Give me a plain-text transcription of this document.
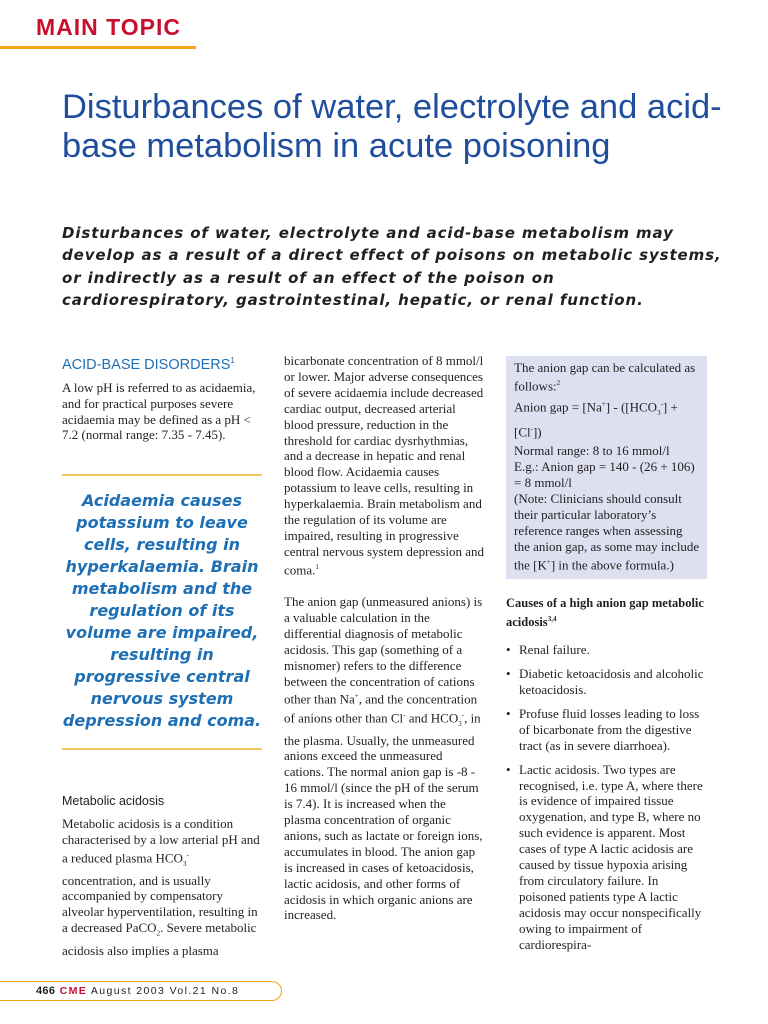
MAIN TOPIC
Disturbances of water, electrolyte and acid-base metabolism in acute poisoning

Disturbances of water, electrolyte and acid-base metabolism may develop as a result of a direct effect of poisons on metabolic systems, or indirectly as a result of an effect of the poison on cardiorespiratory, gastrointestinal, hepatic, or renal function.

ACID-BASE DISORDERS$^1$

A low pH is referred to as acidaemia, and for practical purposes severe acidaemia may be defined as a pH < 7.2 (normal range: 7.35 - 7.45).

Acidaemia causes potassium to leave cells, resulting in hyperkalaemia. Brain metabolism and the regulation of its volume are impaired, resulting in progressive central nervous system depression and coma.
Metabolic acidosis

Metabolic acidosis is a condition characterised by a low arterial pH and a reduced plasma $HCO_3^-$ concentration, and is usually accompanied by compensatory alveolar hyperventilation, resulting in a decreased PaCO$_2$. Severe metabolic acidosis also implies a plasma

bicarbonate concentration of 8 mmol/l or lower. Major adverse consequences of severe acidaemia include decreased cardiac output, decreased arterial blood pressure, reduction in the threshold for cardiac dysrhythmias, and a decrease in hepatic and renal blood flow. Acidaemia causes potassium to leave cells, resulting in hyperkalaemia. Brain metabolism and the regulation of its volume are impaired, resulting in progressive central nervous system depression and coma.$^1$

The anion gap (unmeasured anions) is a valuable calculation in the differential diagnosis of metabolic acidosis. This gap (something of a misnomer) refers to the difference between the concentration of cations other than Na+, and the concentration of anions other than Cl- and $HCO_3^-$, in the plasma. Usually, the unmeasured anions exceed the unmeasured cations. The normal anion gap is -8 - 16 mmol/l (since the pH of the serum is 7.4). It is increased when the plasma concentration of organic anions, such as lactate or foreign ions, accumulates in blood. The anion gap is increased in cases of ketoacidosis, lactic acidosis, and other forms of acidosis in which organic anions are increased.

The anion gap can be calculated as follows:$^2$

Anion gap = $[Na^+] - ([HCO_3^-] + [Cl^-])$

Normal range: 8 to 16 mmol/l

E.g.: Anion gap = 140 - (26 + 106) = 8 mmol/l

(Note: Clinicians should consult their particular laboratory’s reference ranges when assessing the anion gap, as some may include the [K+] in the above formula.)

Causes of a high anion gap metabolic acidosis$^{3,4}$
• Renal failure.
• Diabetic ketoacidosis and alcoholic ketoacidosis.
• Profuse fluid losses leading to loss of bicarbonate from the digestive tract (as in severe diarrhoea).
• Lactic acidosis. Two types are recognised, i.e. type A, where there is evidence of impaired tissue oxygenation, and type B, where no such evidence is apparent. Most cases of type A lactic acidosis are caused by tissue hypoxia arising from circulatory failure. In poisoned patients type A lactic acidosis may occur nonspecifically owing to impairment of cardiorespira-
466 CME August 2003 Vol.21 No.8
